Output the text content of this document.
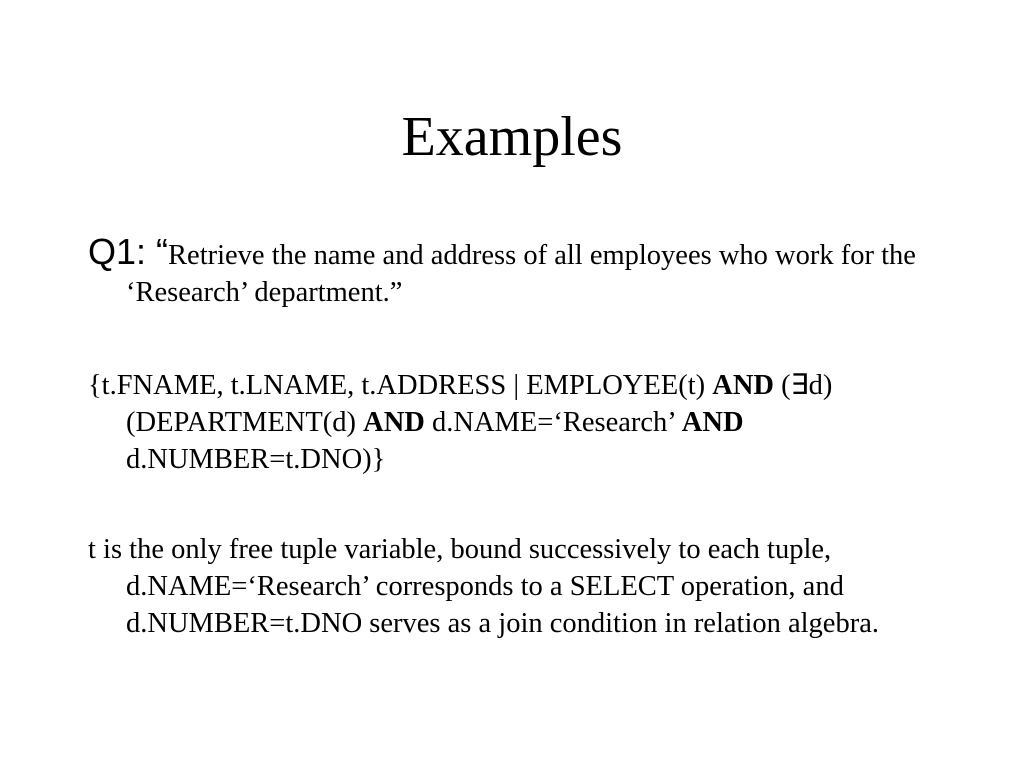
Examples

Q1: “Retrieve the name and address of all employees who work for the ‘Research’ department.”

{t.FNAME, t.LNAME, t.ADDRESS | EMPLOYEE(t) AND (∃d)(DEPARTMENT(d) AND d.NAME=‘Research’ AND d.NUMBER=t.DNO)}

t is the only free tuple variable, bound successively to each tuple, d.NAME=‘Research’ corresponds to a SELECT operation, and d.NUMBER=t.DNO serves as a join condition in relation algebra.
